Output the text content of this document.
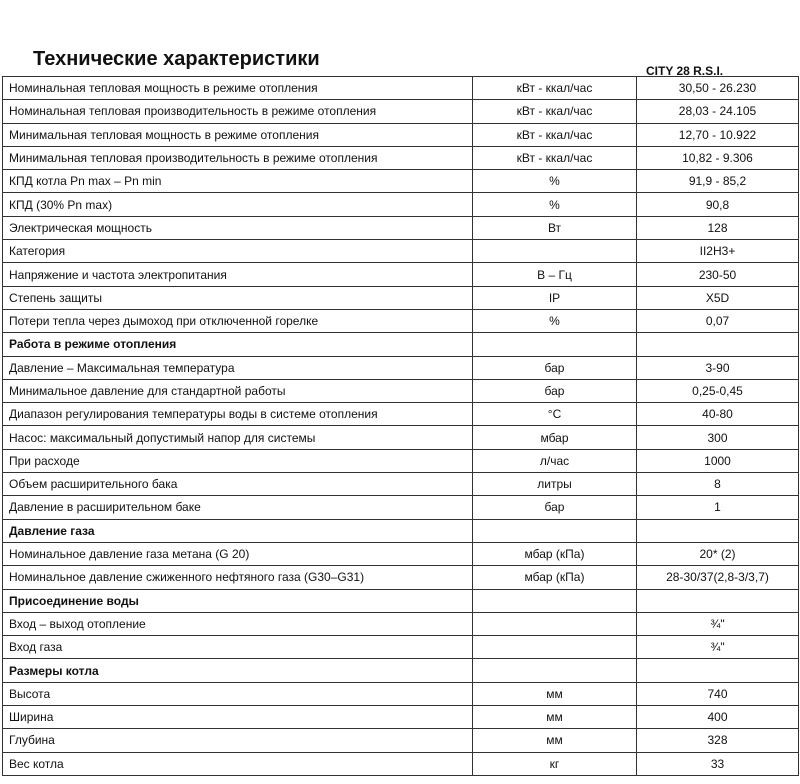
Технические характеристики
CITY 28 R.S.I.
Номинальная тепловая мощность в режиме отопления	кВт - ккал/час	30,50 - 26.230
Номинальная тепловая производительность в режиме отопления	кВт - ккал/час	28,03 - 24.105
Минимальная тепловая мощность в режиме отопления	кВт - ккал/час	12,70 - 10.922
Минимальная тепловая производительность в режиме отопления	кВт - ккал/час	10,82 - 9.306
КПД котла Pn max – Pn min	%	91,9 - 85,2
КПД (30% Pn max)	%	90,8
Электрическая мощность	Вт	128
Категория		II2H3+
Напряжение и частота электропитания	В – Гц	230-50
Степень защиты	IP	X5D
Потери тепла через дымоход при отключенной горелке	%	0,07
Работа в режиме отопления		
Давление – Максимальная температура	бар	3-90
Минимальное давление для стандартной работы	бар	0,25-0,45
Диапазон регулирования температуры воды в системе отопления	°C	40-80
Насос: максимальный допустимый напор для системы	мбар	300
При расходе	л/час	1000
Объем расширительного бака	литры	8
Давление в расширительном баке	бар	1
Давление газа		
Номинальное давление газа метана (G 20)	мбар (кПа)	20* (2)
Номинальное давление сжиженного нефтяного газа (G30–G31)	мбар (кПа)	28-30/37(2,8-3/3,7)
Присоединение воды		
Вход – выход отопление		¾"
Вход газа		¾"
Размеры котла		
Высота	мм	740
Ширина	мм	400
Глубина	мм	328
Вес котла	кг	33
